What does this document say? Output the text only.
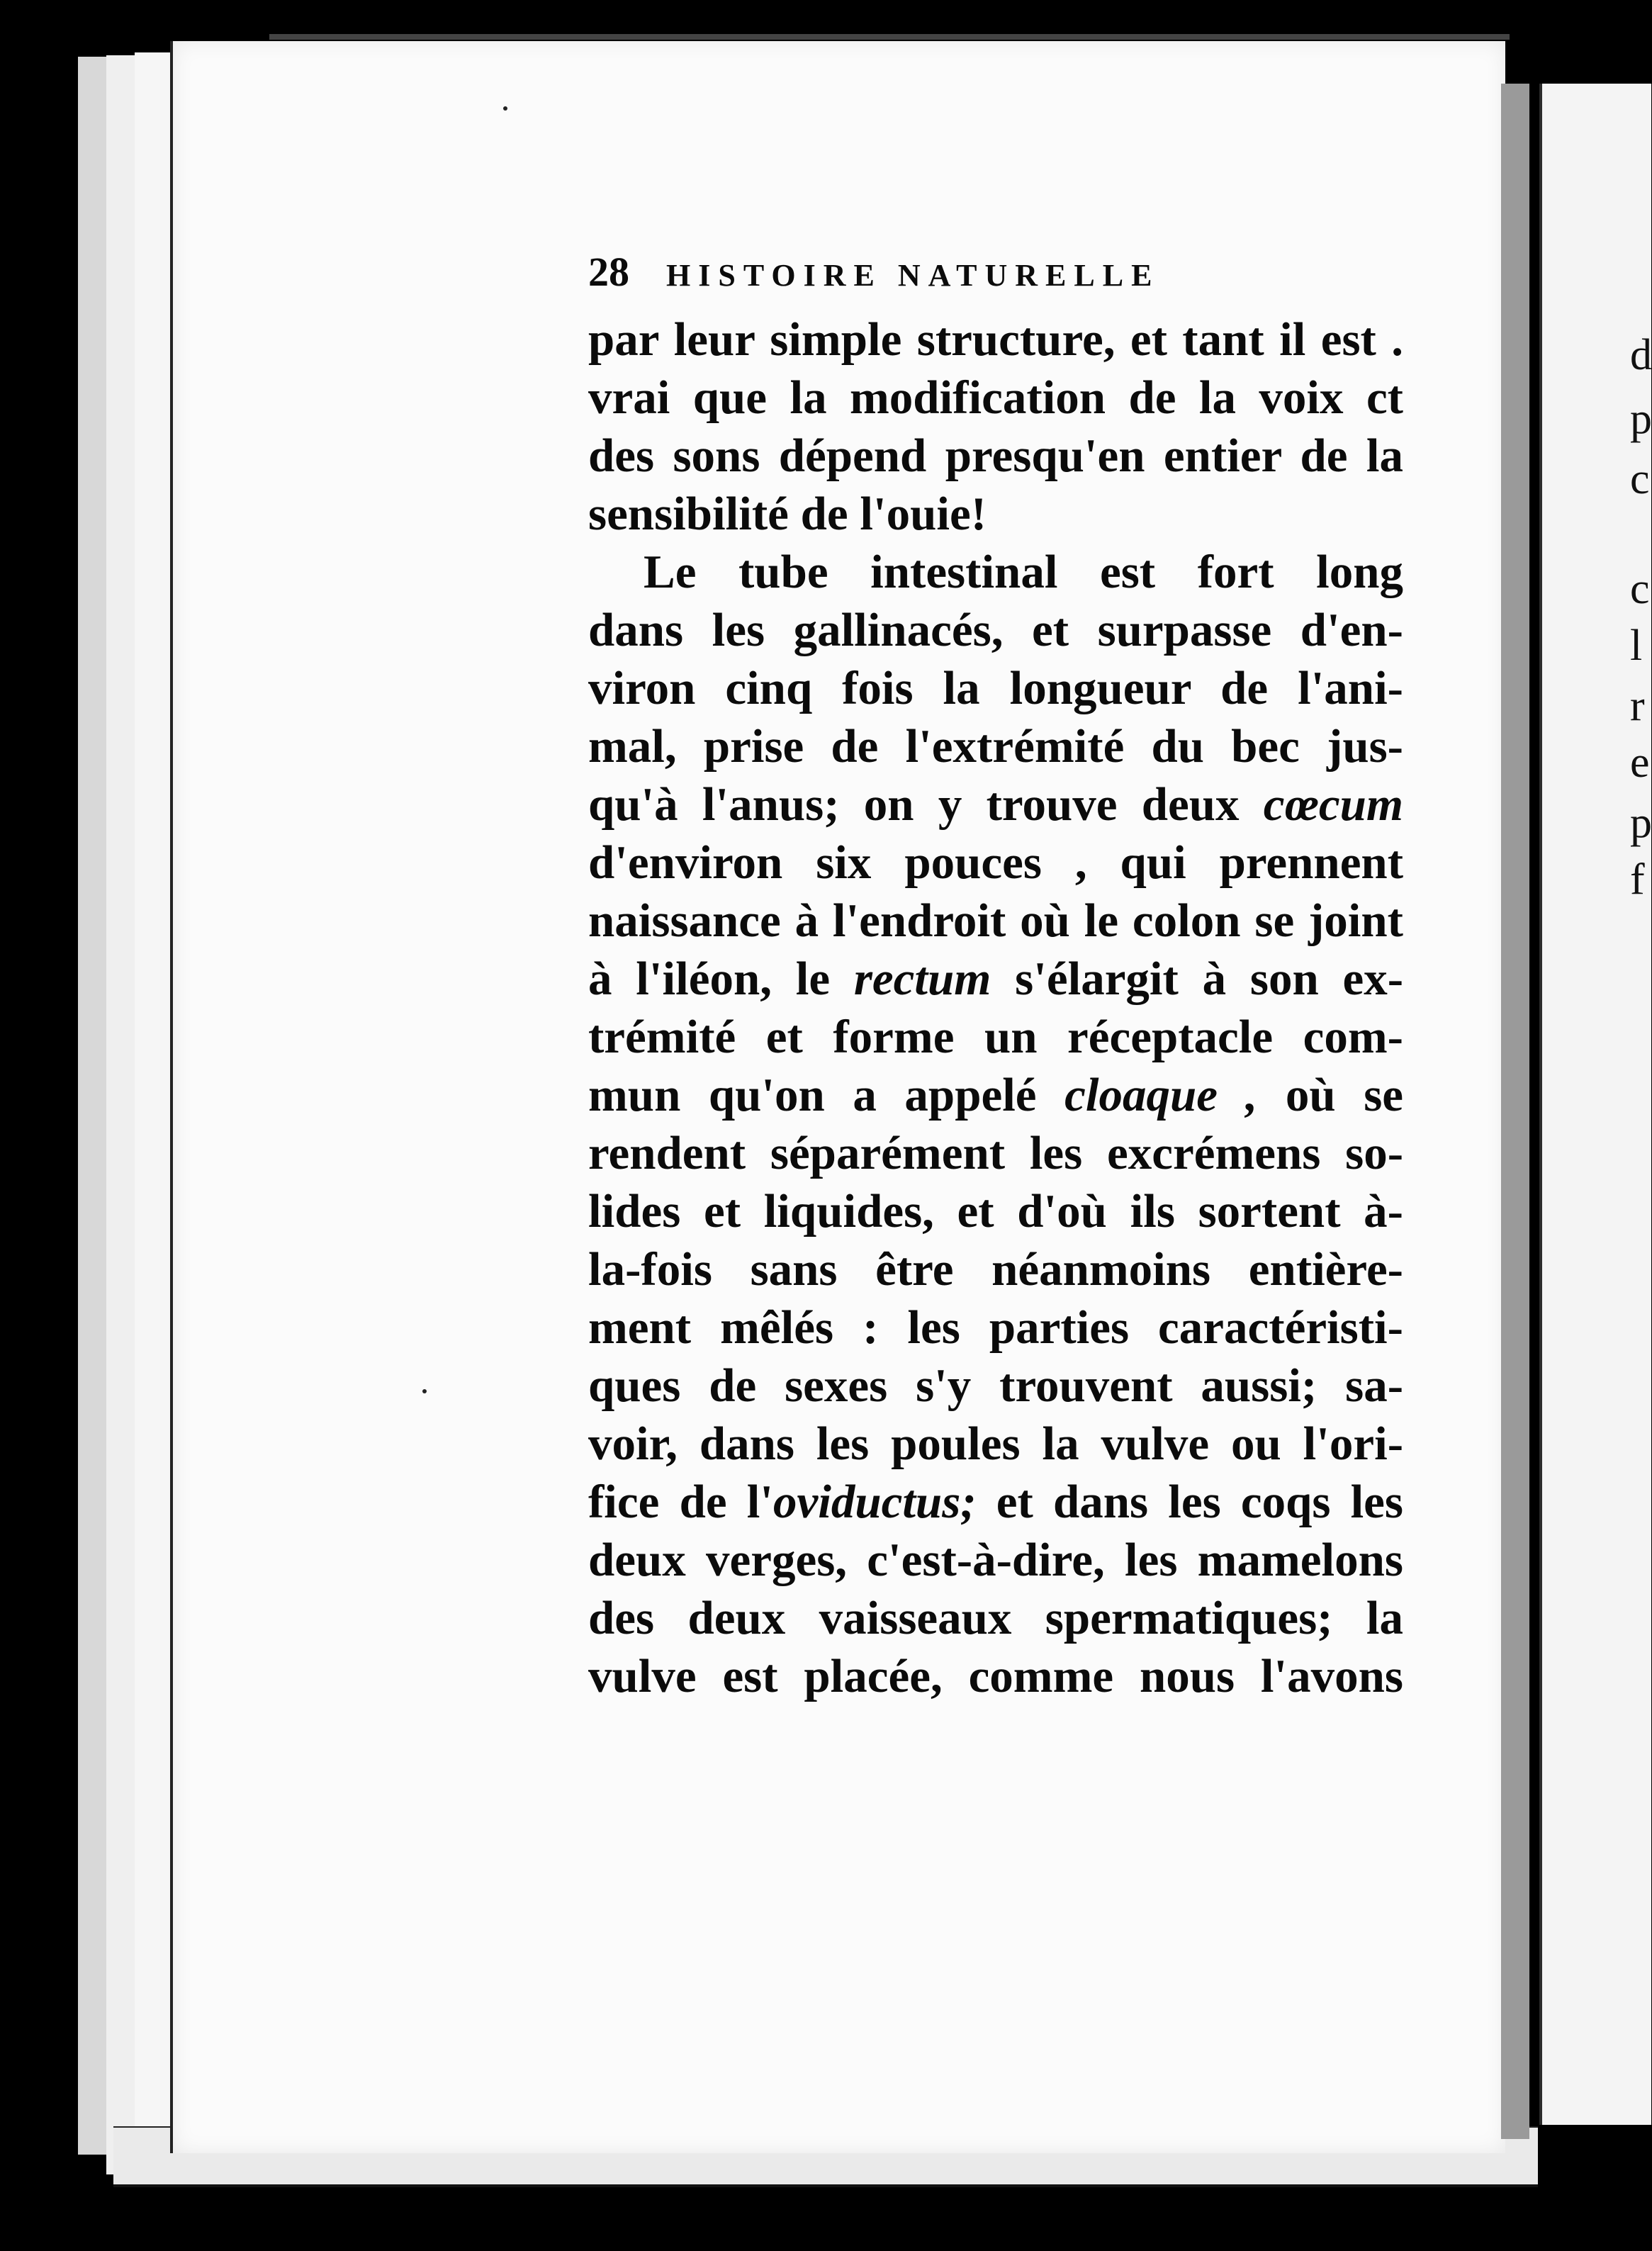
d
p
c
c
l
r
e
p
f
28 HISTOIRE NATURELLE
par leur simple structure, et tant il est .
vrai que la modification de la voix ct
des sons dépend presqu'en entier de la
sensibilité de l'ouie!
Le tube intestinal est fort long
dans les gallinacés, et surpasse d'en-
viron cinq fois la longueur de l'ani-
mal, prise de l'extrémité du bec jus-
qu'à l'anus; on y trouve deux cœcum
d'environ six pouces , qui prennent
naissance à l'endroit où le colon se joint
à l'iléon, le rectum s'élargit à son ex-
trémité et forme un réceptacle com-
mun qu'on a appelé cloaque , où se
rendent séparément les excrémens so-
lides et liquides, et d'où ils sortent à-
la-fois sans être néanmoins entière-
ment mêlés : les parties caractéristi-
ques de sexes s'y trouvent aussi; sa-
voir, dans les poules la vulve ou l'ori-
fice de l'oviductus; et dans les coqs les
deux verges, c'est-à-dire, les mamelons
des deux vaisseaux spermatiques; la
vulve est placée, comme nous l'avons
